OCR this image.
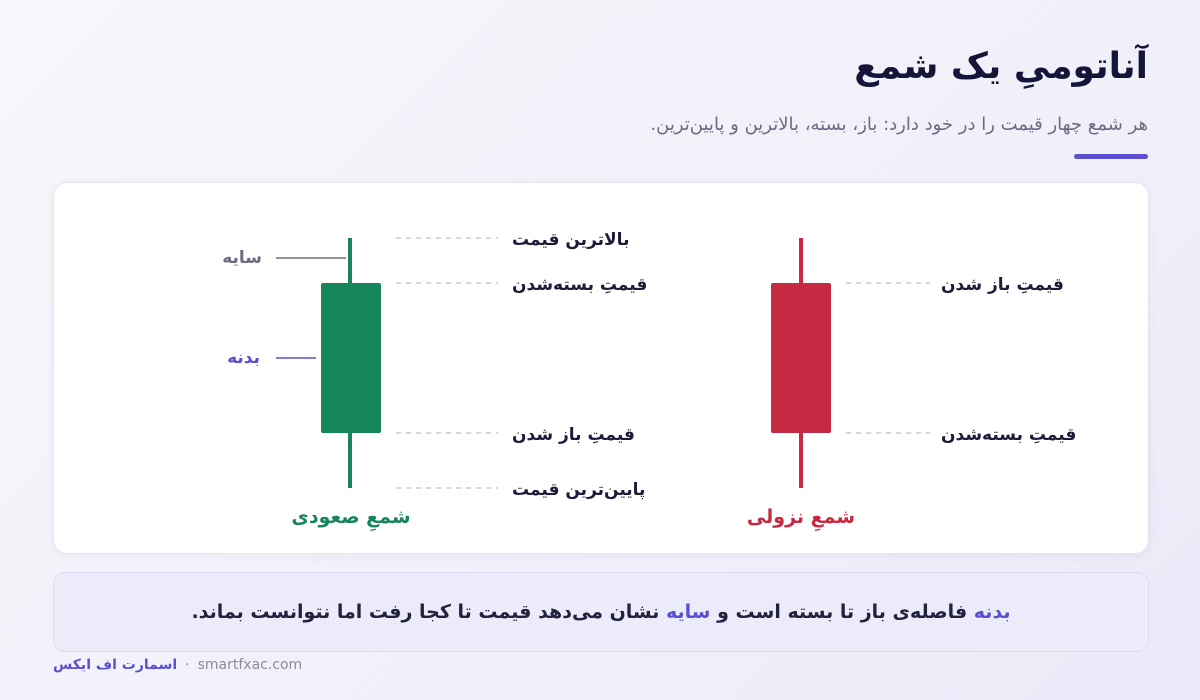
آناتومیِ یک شمع

هر شمع چهار قیمت را در خود دارد: باز، بسته، بالاترین و پایین‌ترین.

بالاترین قیمت
قیمتِ بسته‌شدن
قیمتِ باز شدن
پایین‌ترین قیمت
سایه
بدنه
شمعِ صعودی
قیمتِ باز شدن
قیمتِ بسته‌شدن
شمعِ نزولی
بدنه فاصله‌ی باز تا بسته است و سایه نشان می‌دهد قیمت تا کجا رفت اما نتوانست بماند.
اسمارت اف ایکس · smartfxac.com
